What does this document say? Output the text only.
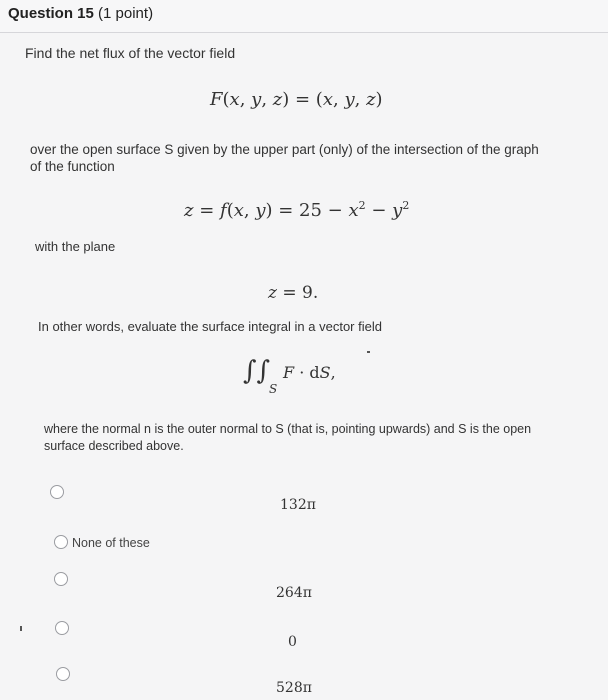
Question 15 (1 point)
Find the net flux of the vector field
F(x, y, z) = (x, y, z)
over the open surface S given by the upper part (only) of the intersection of the graph of the function
z = f(x, $y) = 25 - x^2 - y^2$
with the plane
z = 9.
In other words, evaluate the surface integral in a vector field
∫∫
S
F · dS,
where the normal n is the outer normal to S (that is, pointing upwards) and S is the open surface described above.
132π
None of these
264π
0
528π
